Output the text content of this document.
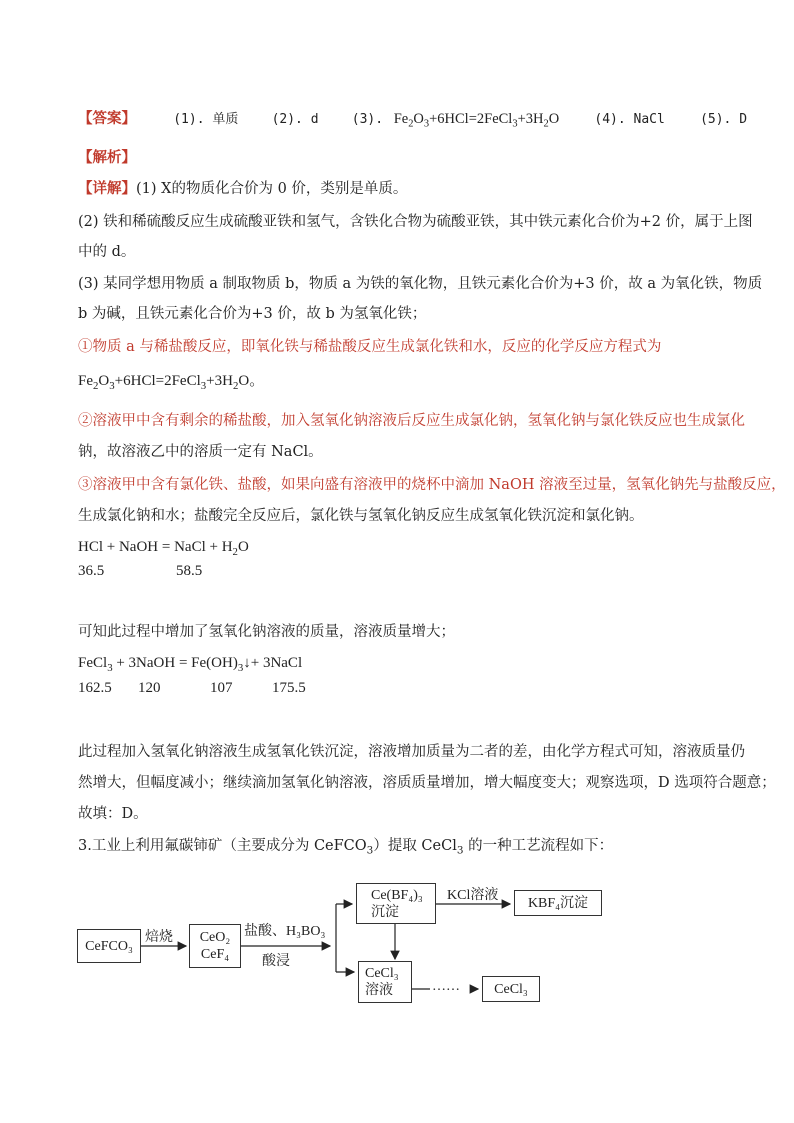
【答案】	(1). 单质	(2). d	(3). $Fe_2O_3+6HCl=2FeCl_3+3H_2O$	(4). NaCl	(5). D
【解析】
【详解】(1) X的物质化合价为 0 价，类别是单质。
(2) 铁和稀硫酸反应生成硫酸亚铁和氢气，含铁化合物为硫酸亚铁，其中铁元素化合价为+2 价，属于上图
中的 d。
(3) 某同学想用物质 a 制取物质 b，物质 a 为铁的氧化物，且铁元素化合价为+3 价，故 a 为氧化铁，物质
b 为碱，且铁元素化合价为+3 价，故 b 为氢氧化铁；
①物质 a 与稀盐酸反应，即氧化铁与稀盐酸反应生成氯化铁和水，反应的化学反应方程式为
$Fe_2O_3+6HCl=2FeCl_3+3H_2O$。
②溶液甲中含有剩余的稀盐酸，加入氢氧化钠溶液后反应生成氯化钠，氢氧化钠与氯化铁反应也生成氯化
钠，故溶液乙中的溶质一定有 NaCl。
③溶液甲中含有氯化铁、盐酸，如果向盛有溶液甲的烧杯中滴加 NaOH 溶液至过量，氢氧化钠先与盐酸反应，
生成氯化钠和水；盐酸完全反应后，氯化铁与氢氧化钠反应生成氢氧化铁沉淀和氯化钠。
HCl + NaOH = NaCl + $H_2O$
36.5	58.5
可知此过程中增加了氢氧化钠溶液的质量，溶液质量增大；
FeCl$_3$ + 3NaOH = $Fe(OH)_3↓+$ 3NaCl
162.5 120	107	175.5
此过程加入氢氧化钠溶液生成氢氧化铁沉淀，溶液增加质量为二者的差，由化学方程式可知，溶液质量仍
然增大，但幅度减小；继续滴加氢氧化钠溶液，溶质质量增加，增大幅度变大；观察选项，D 选项符合题意；
故填：D。
3.工业上利用氟碳铈矿（主要成分为 CeFCO$_3$）提取 CeCl$_3$ 的一种工艺流程如下：
CeFCO₃
焙烧	CeO₂
CeF₄
盐酸、H₃BO₃
酸浸
Ce(BF₄)₃
沉淀
KCl溶液
KBF₄沉淀
CeCl₃
溶液	……	CeCl₃
